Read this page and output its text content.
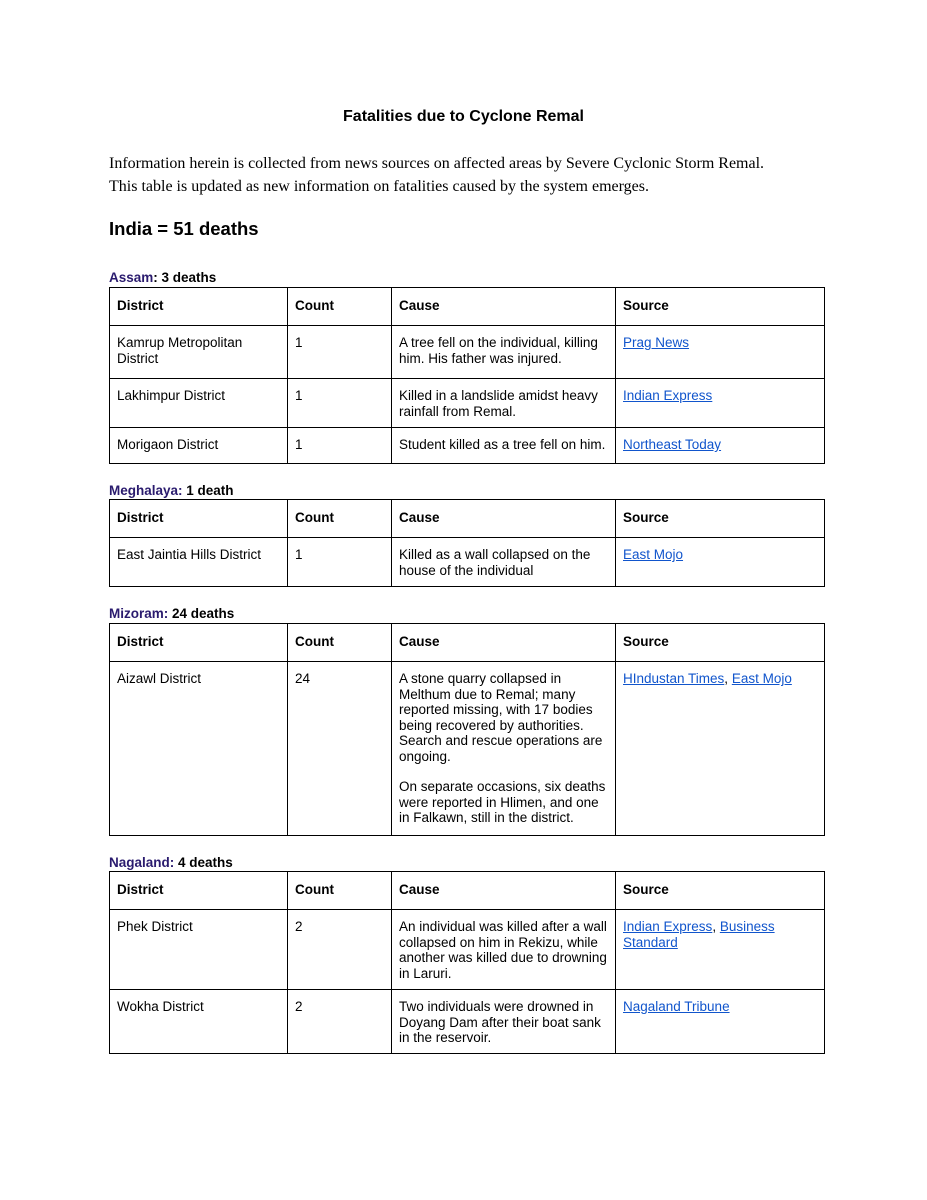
Fatalities due to Cyclone Remal

Information herein is collected from news sources on affected areas by Severe Cyclonic Storm Remal.

This table is updated as new information on fatalities caused by the system emerges.

India = 51 deaths
Assam: 3 deaths
District	Count	Cause	Source
Kamrup Metropolitan District	1	A tree fell on the individual, killing him. His father was injured.	Prag News
Lakhimpur District	1	Killed in a landslide amidst heavy rainfall from Remal.	Indian Express
Morigaon District	1	Student killed as a tree fell on him.	Northeast Today
Meghalaya: 1 death
District	Count	Cause	Source
East Jaintia Hills District	1	Killed as a wall collapsed on the house of the individual	East Mojo
Mizoram: 24 deaths
District	Count	Cause	Source
Aizawl District	24	A stone quarry collapsed in Melthum due to Remal; many reported missing, with 17 bodies being recovered by authorities. Search and rescue operations are ongoing.
On separate occasions, six deaths were reported in Hlimen, and one in Falkawn, still in the district.	HIndustan Times, East Mojo
Nagaland: 4 deaths
District	Count	Cause	Source
Phek District	2	An individual was killed after a wall collapsed on him in Rekizu, while another was killed due to drowning in Laruri.	Indian Express, Business Standard
Wokha District	2	Two individuals were drowned in Doyang Dam after their boat sank in the reservoir.	Nagaland Tribune
